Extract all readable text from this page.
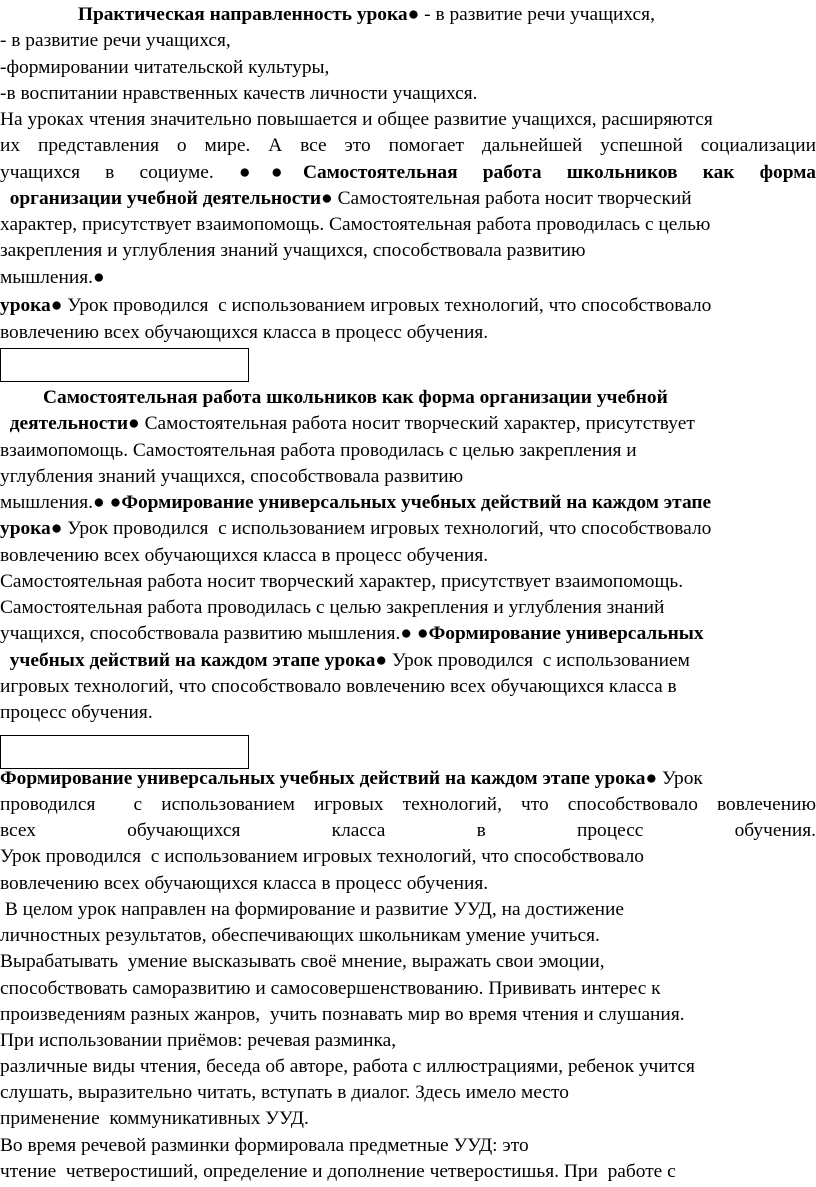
Практическая направленность урока● - в развитие речи учащихся,
- в развитие речи учащихся,
-формировании читательской культуры,
-в воспитании нравственных качеств личности учащихся.
На уроках чтения значительно повышается и общее развитие учащихся, расширяются
их представления о мире. А все это помогает дальнейшей успешной социализации
учащихся в социуме. ●●Самостоятельная работа школьников как форма
организации учебной деятельности● Самостоятельная работа носит творческий
характер, присутствует взаимопомощь. Самостоятельная работа проводилась с целью
закрепления и углубления знаний учащихся, способствовала развитию
мышления.●
урока● Урок проводился  с использованием игровых технологий, что способствовало
вовлечению всех обучающихся класса в процесс обучения.
Самостоятельная работа школьников как форма организации учебной
деятельности● Самостоятельная работа носит творческий характер, присутствует
взаимопомощь. Самостоятельная работа проводилась с целью закрепления и
углубления знаний учащихся, способствовала развитию
мышления.● ●Формирование универсальных учебных действий на каждом этапе
урока● Урок проводился  с использованием игровых технологий, что способствовало
вовлечению всех обучающихся класса в процесс обучения.
Самостоятельная работа носит творческий характер, присутствует взаимопомощь.
Самостоятельная работа проводилась с целью закрепления и углубления знаний
учащихся, способствовала развитию мышления.● ●Формирование универсальных
учебных действий на каждом этапе урока● Урок проводился  с использованием
игровых технологий, что способствовало вовлечению всех обучающихся класса в
процесс обучения.
Формирование универсальных учебных действий на каждом этапе урока● Урок
проводился  с использованием игровых технологий, что способствовало вовлечению
всех обучающихся класса в процесс обучения.
Урок проводился  с использованием игровых технологий, что способствовало
вовлечению всех обучающихся класса в процесс обучения.
В целом урок направлен на формирование и развитие УУД, на достижение
личностных результатов, обеспечивающих школьникам умение учиться.
Вырабатывать  умение высказывать своё мнение, выражать свои эмоции,
способствовать саморазвитию и самосовершенствованию. Прививать интерес к
произведениям разных жанров,  учить познавать мир во время чтения и слушания.
При использовании приёмов: речевая разминка,
различные виды чтения, беседа об авторе, работа с иллюстрациями, ребенок учится
слушать, выразительно читать, вступать в диалог. Здесь имело место
применение  коммуникативных УУД.
Во время речевой разминки формировала предметные УУД: это
чтение  четверостиший, определение и дополнение четверостишья. При  работе с
